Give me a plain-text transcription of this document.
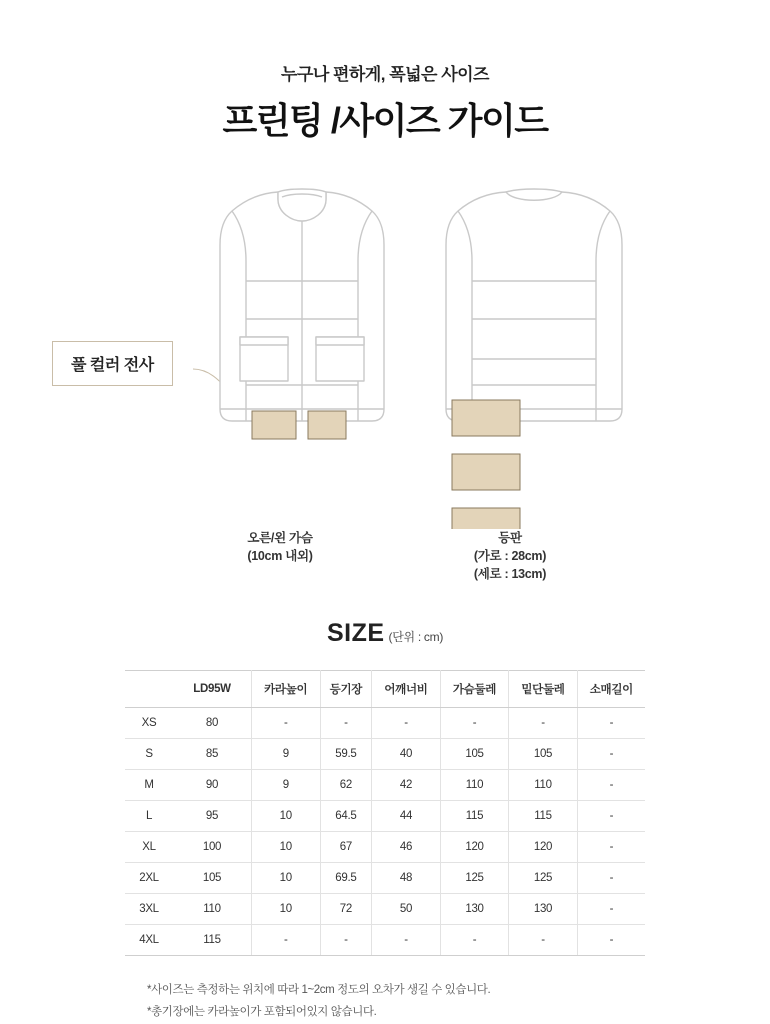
누구나 편하게, 폭넓은 사이즈
프린팅 /사이즈 가이드
풀 컬러 전사
오른/왼 가슴
(10cm 내외)
등판
(가로 : 28cm)
(세로 : 13cm)
SIZE (단위 : cm)
	LD95W	카라높이	등기장	어깨너비	가슴둘레	밑단둘레	소매길이
XS	80	-	-	-	-	-	-
S	85	9	59.5	40	105	105	-
M	90	9	62	42	110	110	-
L	95	10	64.5	44	115	115	-
XL	100	10	67	46	120	120	-
2XL	105	10	69.5	48	125	125	-
3XL	110	10	72	50	130	130	-
4XL	115	-	-	-	-	-	-
*사이즈는 측정하는 위치에 따라 1~2cm 정도의 오차가 생길 수 있습니다.
*총기장에는 카라높이가 포함되어있지 않습니다.
